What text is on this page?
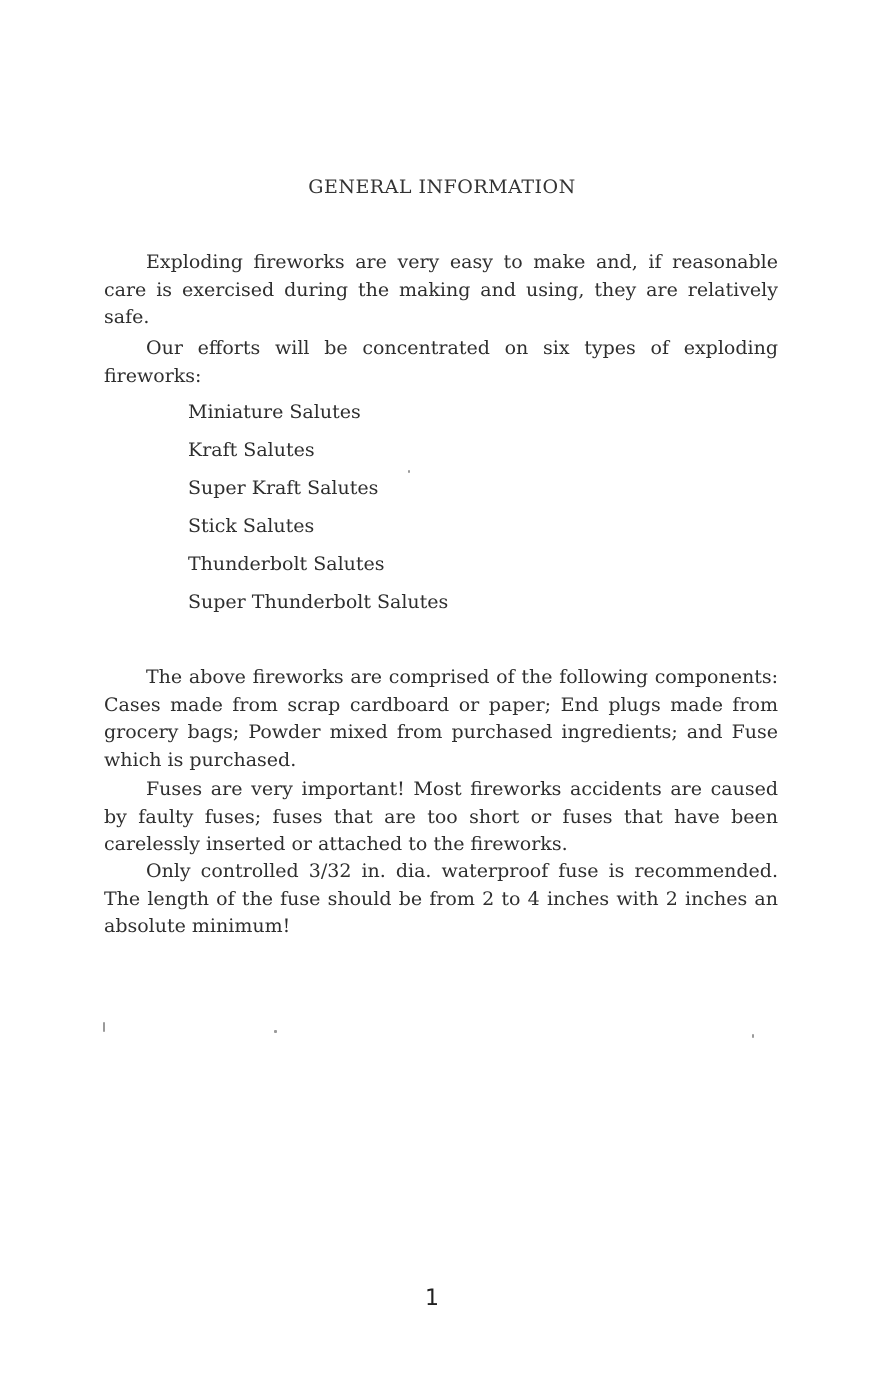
GENERAL INFORMATION

Exploding fireworks are very easy to make and, if reasonable care is exercised during the making and using, they are relatively safe.

Our efforts will be concentrated on six types of exploding fireworks:

Miniature Salutes
Kraft Salutes
Super Kraft Salutes
Stick Salutes
Thunderbolt Salutes
Super Thunderbolt Salutes

The above fireworks are comprised of the following components: Cases made from scrap cardboard or paper; End plugs made from grocery bags; Powder mixed from purchased ingredients; and Fuse which is purchased.

Fuses are very important! Most fireworks accidents are caused by faulty fuses; fuses that are too short or fuses that have been carelessly inserted or attached to the fireworks.

Only controlled 3/32 in. dia. waterproof fuse is recommended. The length of the fuse should be from 2 to 4 inches with 2 inches an absolute minimum!

1
